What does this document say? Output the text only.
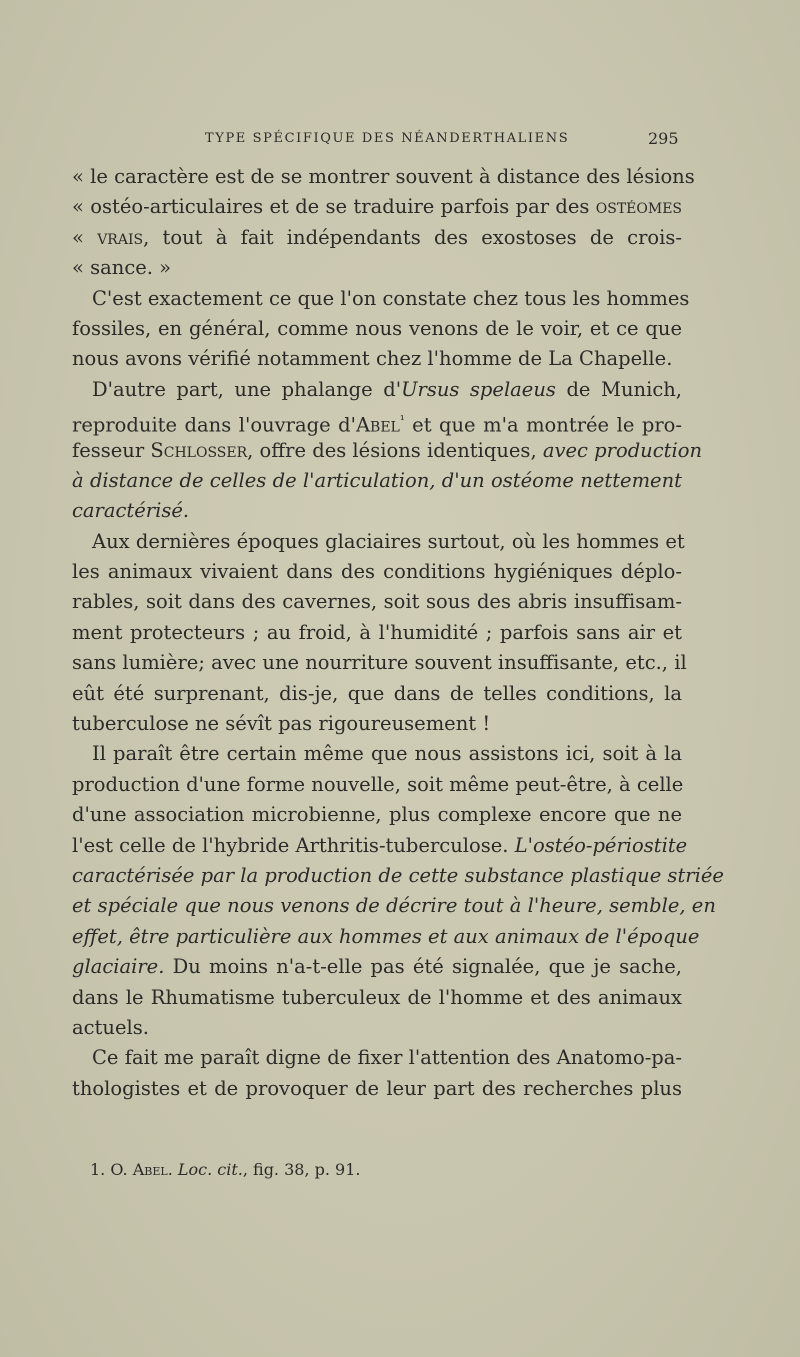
TYPE SPÉCIFIQUE DES NÉANDERTHALIENS	295
« le caractère est de se montrer souvent à distance des lésions
« ostéo-articulaires et de se traduire parfois par des ostéomes
« vrais, tout à fait indépendants des exostoses de crois-
« sance. »
C'est exactement ce que l'on constate chez tous les hommes
fossiles, en général, comme nous venons de le voir, et ce que
nous avons vérifié notamment chez l'homme de La Chapelle.
D'autre part, une phalange d'Ursus spelaeus de Munich,
reproduite dans l'ouvrage d'Abel$^{^1}$ et que m'a montrée le pro-
fesseur Schlosser, offre des lésions identiques, avec production
à distance de celles de l'articulation, d'un ostéome nettement
caractérisé.
Aux dernières époques glaciaires surtout, où les hommes et
les animaux vivaient dans des conditions hygiéniques déplo-
rables, soit dans des cavernes, soit sous des abris insuffisam-
ment protecteurs ; au froid, à l'humidité ; parfois sans air et
sans lumière; avec une nourriture souvent insuffisante, etc., il
eût été surprenant, dis-je, que dans de telles conditions, la
tuberculose ne sévît pas rigoureusement !
Il paraît être certain même que nous assistons ici, soit à la
production d'une forme nouvelle, soit même peut-être, à celle
d'une association microbienne, plus complexe encore que ne
l'est celle de l'hybride Arthritis-tuberculose. L'ostéo-périostite
caractérisée par la production de cette substance plastique striée
et spéciale que nous venons de décrire tout à l'heure, semble, en
effet, être particulière aux hommes et aux animaux de l'époque
glaciaire. Du moins n'a-t-elle pas été signalée, que je sache,
dans le Rhumatisme tuberculeux de l'homme et des animaux
actuels.
Ce fait me paraît digne de fixer l'attention des Anatomo-pa-
thologistes et de provoquer de leur part des recherches plus
1. O. Abel. Loc. cit., fig. 38, p. 91.
